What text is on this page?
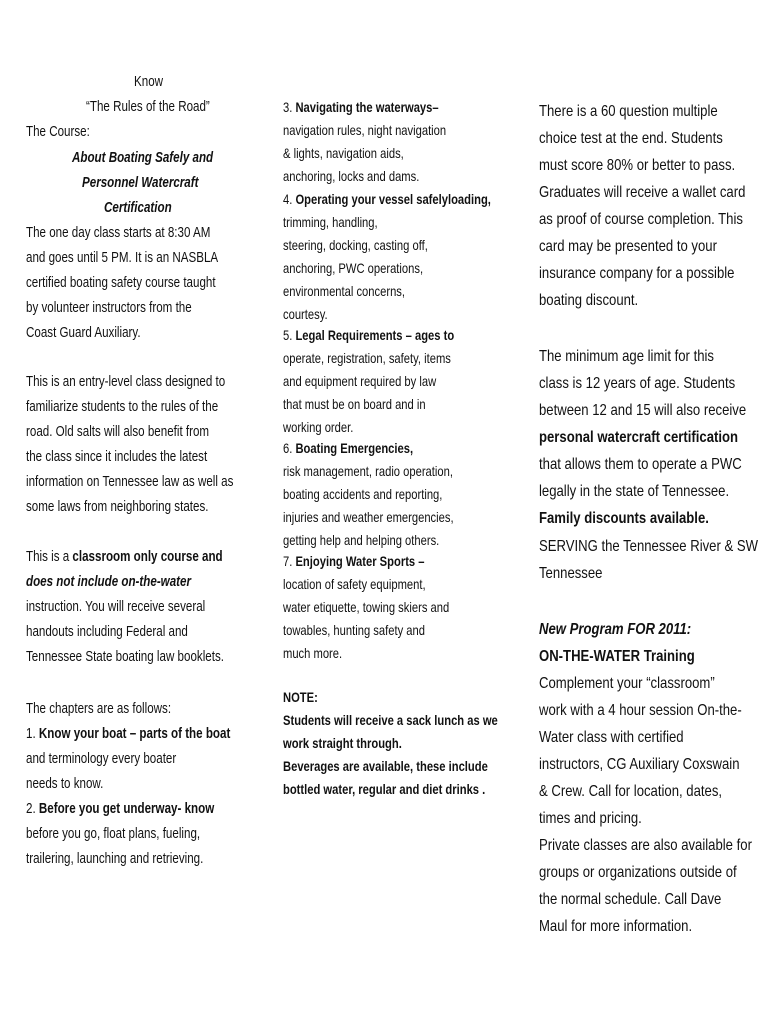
Know
“The Rules of the Road”
The Course:
About Boating Safely and
Personnel Watercraft
Certification
The one day class starts at 8:30 AM
and goes until 5 PM. It is an NASBLA
certified boating safety course taught
by volunteer instructors from the
Coast Guard Auxiliary.
This is an entry-level class designed to
familiarize students to the rules of the
road. Old salts will also benefit from
the class since it includes the latest
information on Tennessee law as well as
some laws from neighboring states.
This is a classroom only course and
does not include on-the-water
instruction. You will receive several
handouts including Federal and
Tennessee State boating law booklets.
The chapters are as follows:
1. Know your boat – parts of the boat
and terminology every boater
needs to know.
2. Before you get underway- know
before you go, float plans, fueling,
trailering, launching and retrieving.
3. Navigating the waterways–
navigation rules, night navigation
& lights, navigation aids,
anchoring, locks and dams.
4. Operating your vessel safelyloading,
trimming, handling,
steering, docking, casting off,
anchoring, PWC operations,
environmental concerns,
courtesy.
5. Legal Requirements – ages to
operate, registration, safety, items
and equipment required by law
that must be on board and in
working order.
6. Boating Emergencies,
risk management, radio operation,
boating accidents and reporting,
injuries and weather emergencies,
getting help and helping others.
7. Enjoying Water Sports –
location of safety equipment,
water etiquette, towing skiers and
towables, hunting safety and
much more.
NOTE:
Students will receive a sack lunch as we
work straight through.
Beverages are available, these include
bottled water, regular and diet drinks .
There is a 60 question multiple
choice test at the end. Students
must score 80% or better to pass.
Graduates will receive a wallet card
as proof of course completion. This
card may be presented to your
insurance company for a possible
boating discount.
The minimum age limit for this
class is 12 years of age. Students
between 12 and 15 will also receive
personal watercraft certification
that allows them to operate a PWC
legally in the state of Tennessee.
Family discounts available.
SERVING the Tennessee River & SW
Tennessee
New Program FOR 2011:
ON-THE-WATER Training
Complement your “classroom”
work with a 4 hour session On-the-
Water class with certified
instructors, CG Auxiliary Coxswain
& Crew. Call for location, dates,
times and pricing.
Private classes are also available for
groups or organizations outside of
the normal schedule. Call Dave
Maul for more information.
